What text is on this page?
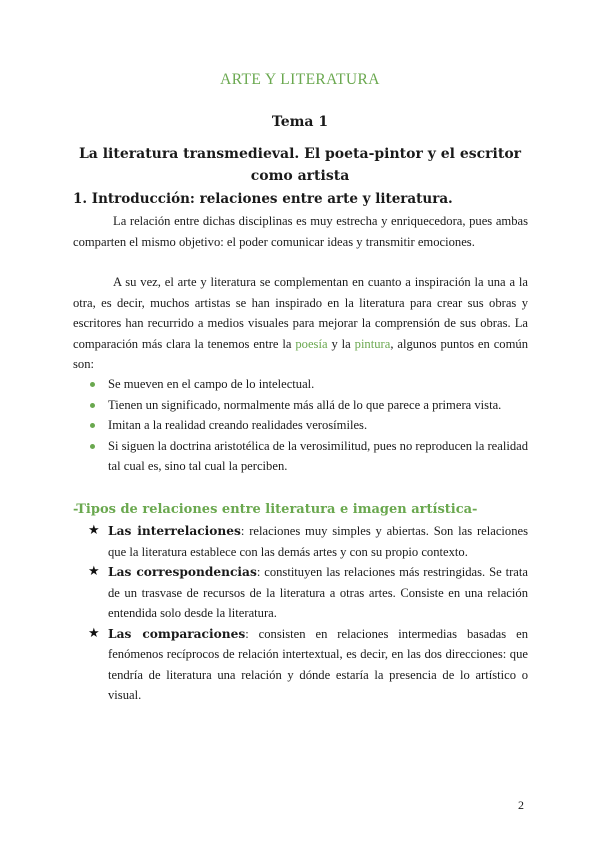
ARTE Y LITERATURA
Tema 1
La literatura transmedieval. El poeta-pintor y el escritor como artista
1. Introducción: relaciones entre arte y literatura.

La relación entre dichas disciplinas es muy estrecha y enriquecedora, pues ambas comparten el mismo objetivo: el poder comunicar ideas y transmitir emociones.

A su vez, el arte y literatura se complementan en cuanto a inspiración la una a la otra, es decir, muchos artistas se han inspirado en la literatura para crear sus obras y escritores han recurrido a medios visuales para mejorar la comprensión de sus obras. La comparación más clara la tenemos entre la poesía y la pintura, algunos puntos en común son:

Se mueven en el campo de lo intelectual.
Tienen un significado, normalmente más allá de lo que parece a primera vista.
Imitan a la realidad creando realidades verosímiles.
Si siguen la doctrina aristotélica de la verosimilitud, pues no reproducen la realidad tal cual es, sino tal cual la perciben.
-Tipos de relaciones entre literatura e imagen artística-
★ Las interrelaciones: relaciones muy simples y abiertas. Son las relaciones que la literatura establece con las demás artes y con su propio contexto.
★ Las correspondencias: constituyen las relaciones más restringidas. Se trata de un trasvase de recursos de la literatura a otras artes. Consiste en una relación entendida solo desde la literatura.
★ Las comparaciones: consisten en relaciones intermedias basadas en fenómenos recíprocos de relación intertextual, es decir, en las dos direcciones: que tendría de literatura una relación y dónde estaría la presencia de lo artístico o visual.
2
